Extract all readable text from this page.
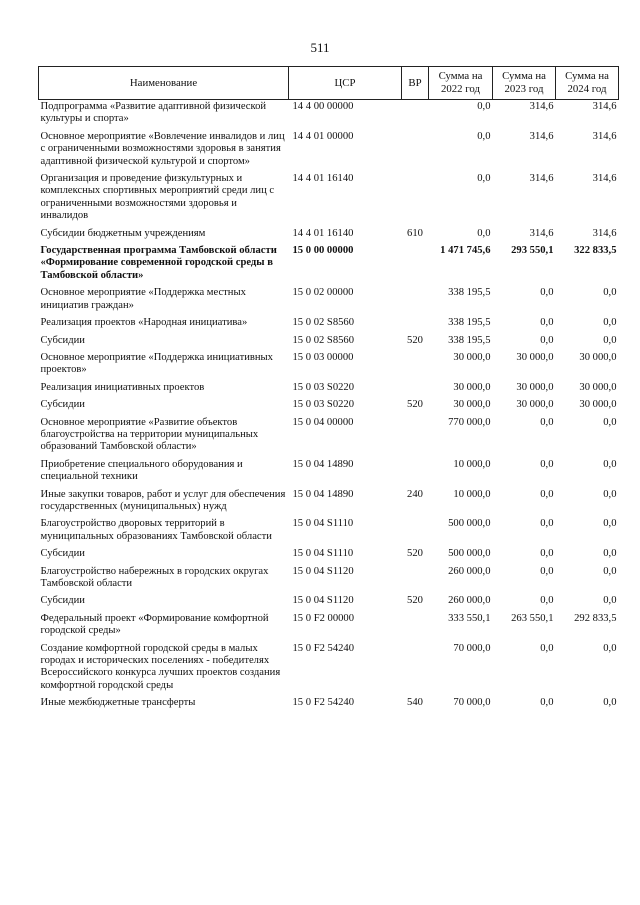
511
Наименование	ЦСР	ВР	Сумма на 2022 год	Сумма на 2023 год	Сумма на 2024 год
Подпрограмма «Развитие адаптивной физической культуры и спорта»	14 4 00 00000		0,0	314,6	314,6
Основное мероприятие «Вовлечение инвалидов и лиц с ограниченными возможностями здоровья в занятия адаптивной физической культурой и спортом»	14 4 01 00000		0,0	314,6	314,6
Организация и проведение физкультурных и комплексных спортивных мероприятий среди лиц с ограниченными возможностями здоровья и инвалидов	14 4 01 16140		0,0	314,6	314,6
Субсидии бюджетным учреждениям	14 4 01 16140	610	0,0	314,6	314,6
Государственная программа Тамбовской области «Формирование современной городской среды в Тамбовской области»	15 0 00 00000		1 471 745,6	293 550,1	322 833,5
Основное мероприятие «Поддержка местных инициатив граждан»	15 0 02 00000		338 195,5	0,0	0,0
Реализация проектов «Народная инициатива»	15 0 02 S8560		338 195,5	0,0	0,0
Субсидии	15 0 02 S8560	520	338 195,5	0,0	0,0
Основное мероприятие «Поддержка инициативных проектов»	15 0 03 00000		30 000,0	30 000,0	30 000,0
Реализация инициативных проектов	15 0 03 S0220		30 000,0	30 000,0	30 000,0
Субсидии	15 0 03 S0220	520	30 000,0	30 000,0	30 000,0
Основное мероприятие «Развитие объектов благоустройства на территории муниципальных образований Тамбовской области»	15 0 04 00000		770 000,0	0,0	0,0
Приобретение специального оборудования и специальной техники	15 0 04 14890		10 000,0	0,0	0,0
Иные закупки товаров, работ и услуг для обеспечения государственных (муниципальных) нужд	15 0 04 14890	240	10 000,0	0,0	0,0
Благоустройство дворовых территорий в муниципальных образованиях Тамбовской области	15 0 04 S1110		500 000,0	0,0	0,0
Субсидии	15 0 04 S1110	520	500 000,0	0,0	0,0
Благоустройство набережных в городских округах Тамбовской области	15 0 04 S1120		260 000,0	0,0	0,0
Субсидии	15 0 04 S1120	520	260 000,0	0,0	0,0
Федеральный проект «Формирование комфортной городской среды»	15 0 F2 00000		333 550,1	263 550,1	292 833,5
Создание комфортной городской среды в малых городах и исторических поселениях - победителях Всероссийского конкурса лучших проектов создания комфортной городской среды	15 0 F2 54240		70 000,0	0,0	0,0
Иные межбюджетные трансферты	15 0 F2 54240	540	70 000,0	0,0	0,0
